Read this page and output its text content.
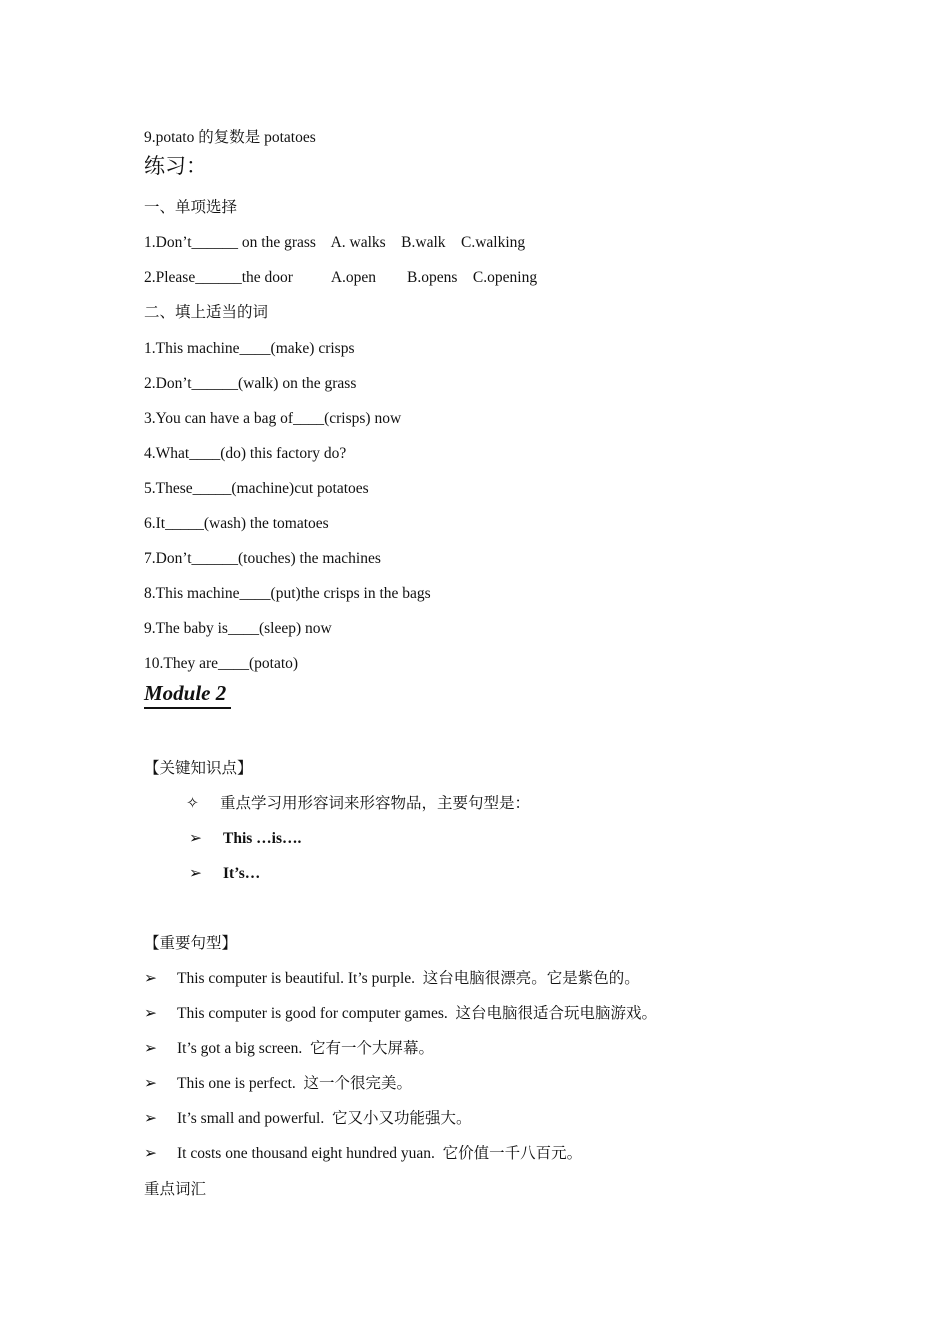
9.potato 的复数是 potatoes
练习：
一、单项选择
1.Don’t______ on the grass    A. walks    B.walk    C.walking
2.Please______the door          A.open        B.opens    C.opening
二、填上适当的词
1.This machine____(make) crisps
2.Don’t______(walk) on the grass
3.You can have a bag of____(crisps) now
4.What____(do) this factory do?
5.These_____(machine)cut potatoes
6.It_____(wash) the tomatoes
7.Don’t______(touches) the machines
8.This machine____(put)the crisps in the bags
9.The baby is____(sleep) now
10.They are____(potato)
Module 2
【关键知识点】
✧ 重点学习用形容词来形容物品，主要句型是：
➢ This …is….
➢ It’s…
【重要句型】
➢ This computer is beautiful. It’s purple.  这台电脑很漂亮。它是紫色的。
➢ This computer is good for computer games.  这台电脑很适合玩电脑游戏。
➢ It’s got a big screen.  它有一个大屏幕。
➢ This one is perfect.  这一个很完美。
➢ It’s small and powerful.  它又小又功能强大。
➢ It costs one thousand eight hundred yuan.  它价值一千八百元。
重点词汇
